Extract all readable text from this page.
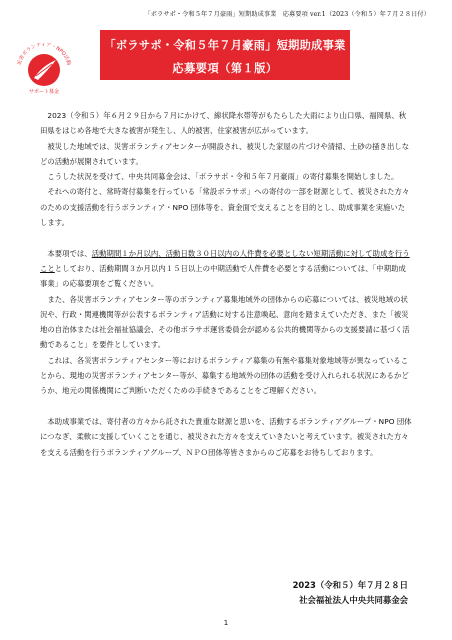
「ボラサポ・令和５年７月豪雨」短期助成事業　応募要項 ver.1（2023（令和５）年７月２８日付）
災害ボランティア・NPO活動
サポート募金
「ボラサポ・令和５年７月豪雨」短期助成事業
応募要項（第１版）

2023（令和５）年６月２９日から７月にかけて、線状降水帯等がもたらした大雨により山口県、福岡県、秋田県をはじめ各地で大きな被害が発生し、人的被害、住家被害が広がっています。

被災した地域では、災害ボランティアセンターが開設され、被災した家屋の片づけや清掃、土砂の掻き出しなどの活動が展開されています。

こうした状況を受けて、中央共同募金会は、「ボラサポ・令和５年７月豪雨」の寄付募集を開始しました。

それへの寄付と、常時寄付募集を行っている「常設ボラサポ」への寄付の一部を財源として、被災された方々のための支援活動を行うボランティア・NPO 団体等を、資金面で支えることを目的とし、助成事業を実施いたします。

本要項では、活動期間１か月以内、活動日数３０日以内の人件費を必要としない短期活動に対して助成を行うこととしており、活動期間３か月以内１５日以上の中期活動で人件費を必要とする活動については、「中期助成事業」の応募要項をご覧ください。

また、各災害ボランティアセンター等のボランティア募集地域外の団体からの応募については、被災地域の状況や、行政・関連機関等が公表するボランティア活動に対する注意喚起、意向を踏まえていただき、また「被災地の自治体または社会福祉協議会、その他ボラサポ運営委員会が認める公共的機関等からの支援要請に基づく活動であること」を要件としています。

これは、各災害ボランティアセンター等におけるボランティア募集の有無や募集対象地域等が異なっていることから、現地の災害ボランティアセンター等が、募集する地域外の団体の活動を受け入れられる状況にあるかどうか、地元の関係機関にご判断いただくための手続きであることをご理解ください。

本助成事業では、寄付者の方々から託された貴重な財源と思いを、活動するボランティアグループ・NPO 団体につなぎ、柔軟に支援していくことを通じ、被災された方々を支えていきたいと考えています。被災された方々を支える活動を行うボランティアグループ、ＮＰＯ団体等皆さまからのご応募をお待ちしております。

2023（令和５）年７月２８日
社会福祉法人中央共同募金会
1
